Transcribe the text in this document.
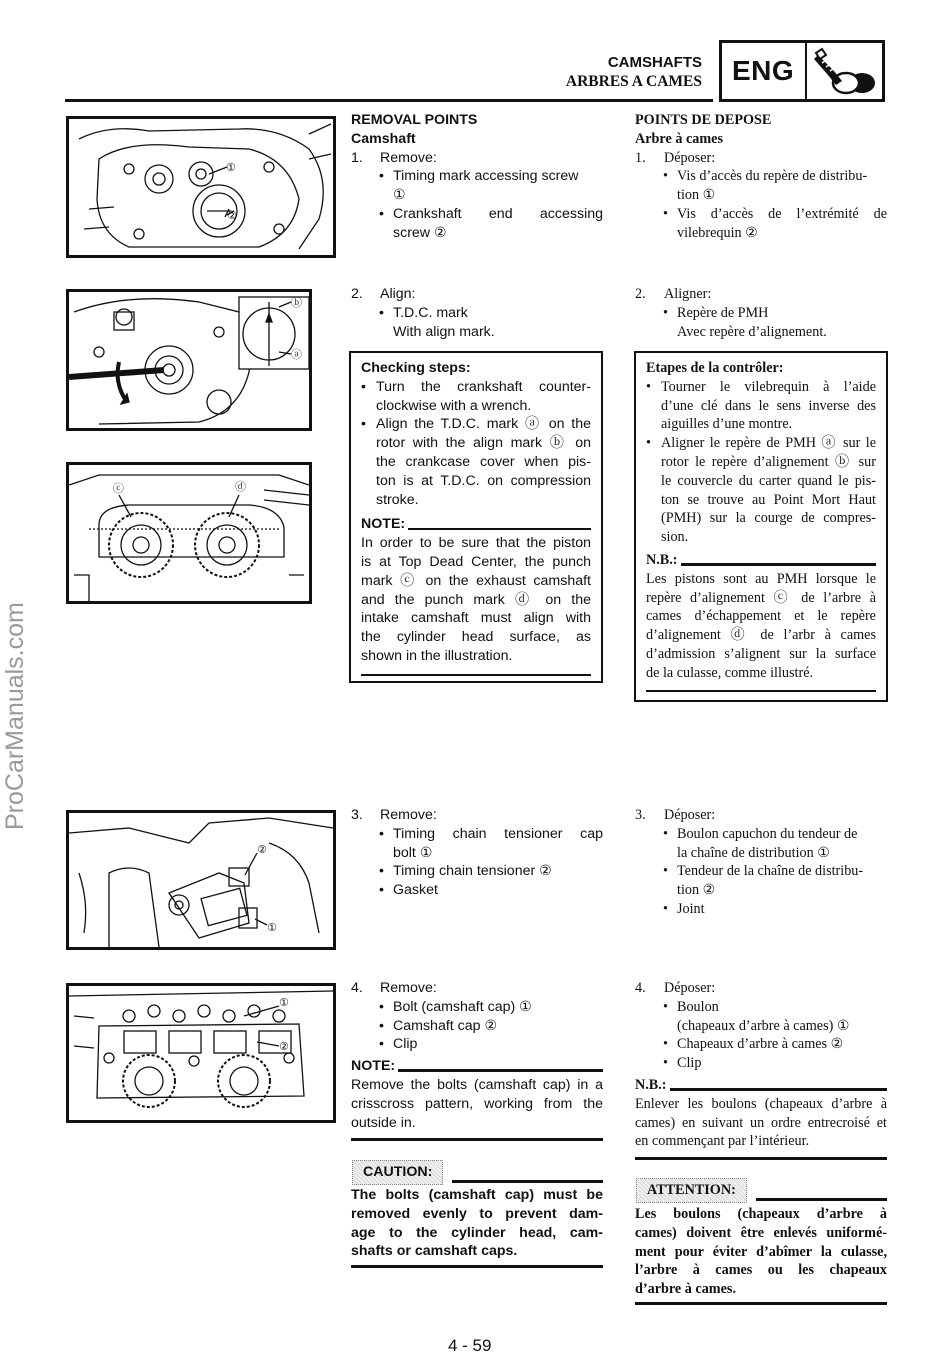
CAMSHAFTS
ARBRES A CAMES ENG
ProCarManuals.com
①
②
ⓑ
ⓐ
ⓒ	ⓓ
②
①
①
②
REMOVAL POINTS
Camshaft
1. Remove:
• Timing mark accessing screw
①
• Crankshaft end accessing
screw ②
POINTS DE DEPOSE
Arbre à cames
1. Déposer:
• Vis d’accès du repère de distribu-
tion ①
• Vis d’accès de l’extrémité de
vilebrequin ②
2. Align:
• T.D.C. mark
With align mark.
2. Aligner:
• Repère de PMH
Avec repère d’alignement.
Checking steps:
• Turn the crankshaft counter-
clockwise with a wrench.
• Align the T.D.C. mark ⓐ on the
rotor with the align mark ⓑ on
the crankcase cover when pis-
ton is at T.D.C. on compression
stroke.
NOTE:
In order to be sure that the piston
is at Top Dead Center, the punch
mark ⓒ on the exhaust camshaft
and the punch mark ⓓ on the
intake camshaft must align with
the cylinder head surface, as
shown in the illustration.
Etapes de la contrôler:
• Tourner le vilebrequin à l’aide
d’une clé dans le sens inverse des
aiguilles d’une montre.
• Aligner le repère de PMH ⓐ sur le
rotor le repère d’alignement ⓑ sur
le couvercle du carter quand le pis-
ton se trouve au Point Mort Haut
(PMH) sur la courge de compres-
sion.
N.B.:
Les pistons sont au PMH lorsque le
repère d’alignement ⓒ de l’arbre à
cames d’échappement et le repère
d’alignement ⓓ de l’arbr à cames
d’admission s’alignent sur la surface
de la culasse, comme illustré.
3. Remove:
• Timing chain tensioner cap
bolt ①
• Timing chain tensioner ②
• Gasket
3. Déposer:
• Boulon capuchon du tendeur de
la chaîne de distribution ①
• Tendeur de la chaîne de distribu-
tion ②
• Joint
4. Remove:
• Bolt (camshaft cap) ①
• Camshaft cap ②
• Clip
NOTE:
Remove the bolts (camshaft cap) in a
crisscross pattern, working from the
outside in.
CAUTION:
The bolts (camshaft cap) must be
removed evenly to prevent dam-
age to the cylinder head, cam-
shafts or camshaft caps.
4. Déposer:
• Boulon
(chapeaux d’arbre à cames) ①
• Chapeaux d’arbre à cames ②
• Clip
N.B.:
Enlever les boulons (chapeaux d’arbre à
cames) en suivant un ordre entrecroisé et
en commençant par l’intérieur.
ATTENTION:
Les boulons (chapeaux d’arbre à
cames) doivent être enlevés uniformé-
ment pour éviter d’abîmer la culasse,
l’arbre à cames ou les chapeaux
d’arbre à cames.
4 - 59
